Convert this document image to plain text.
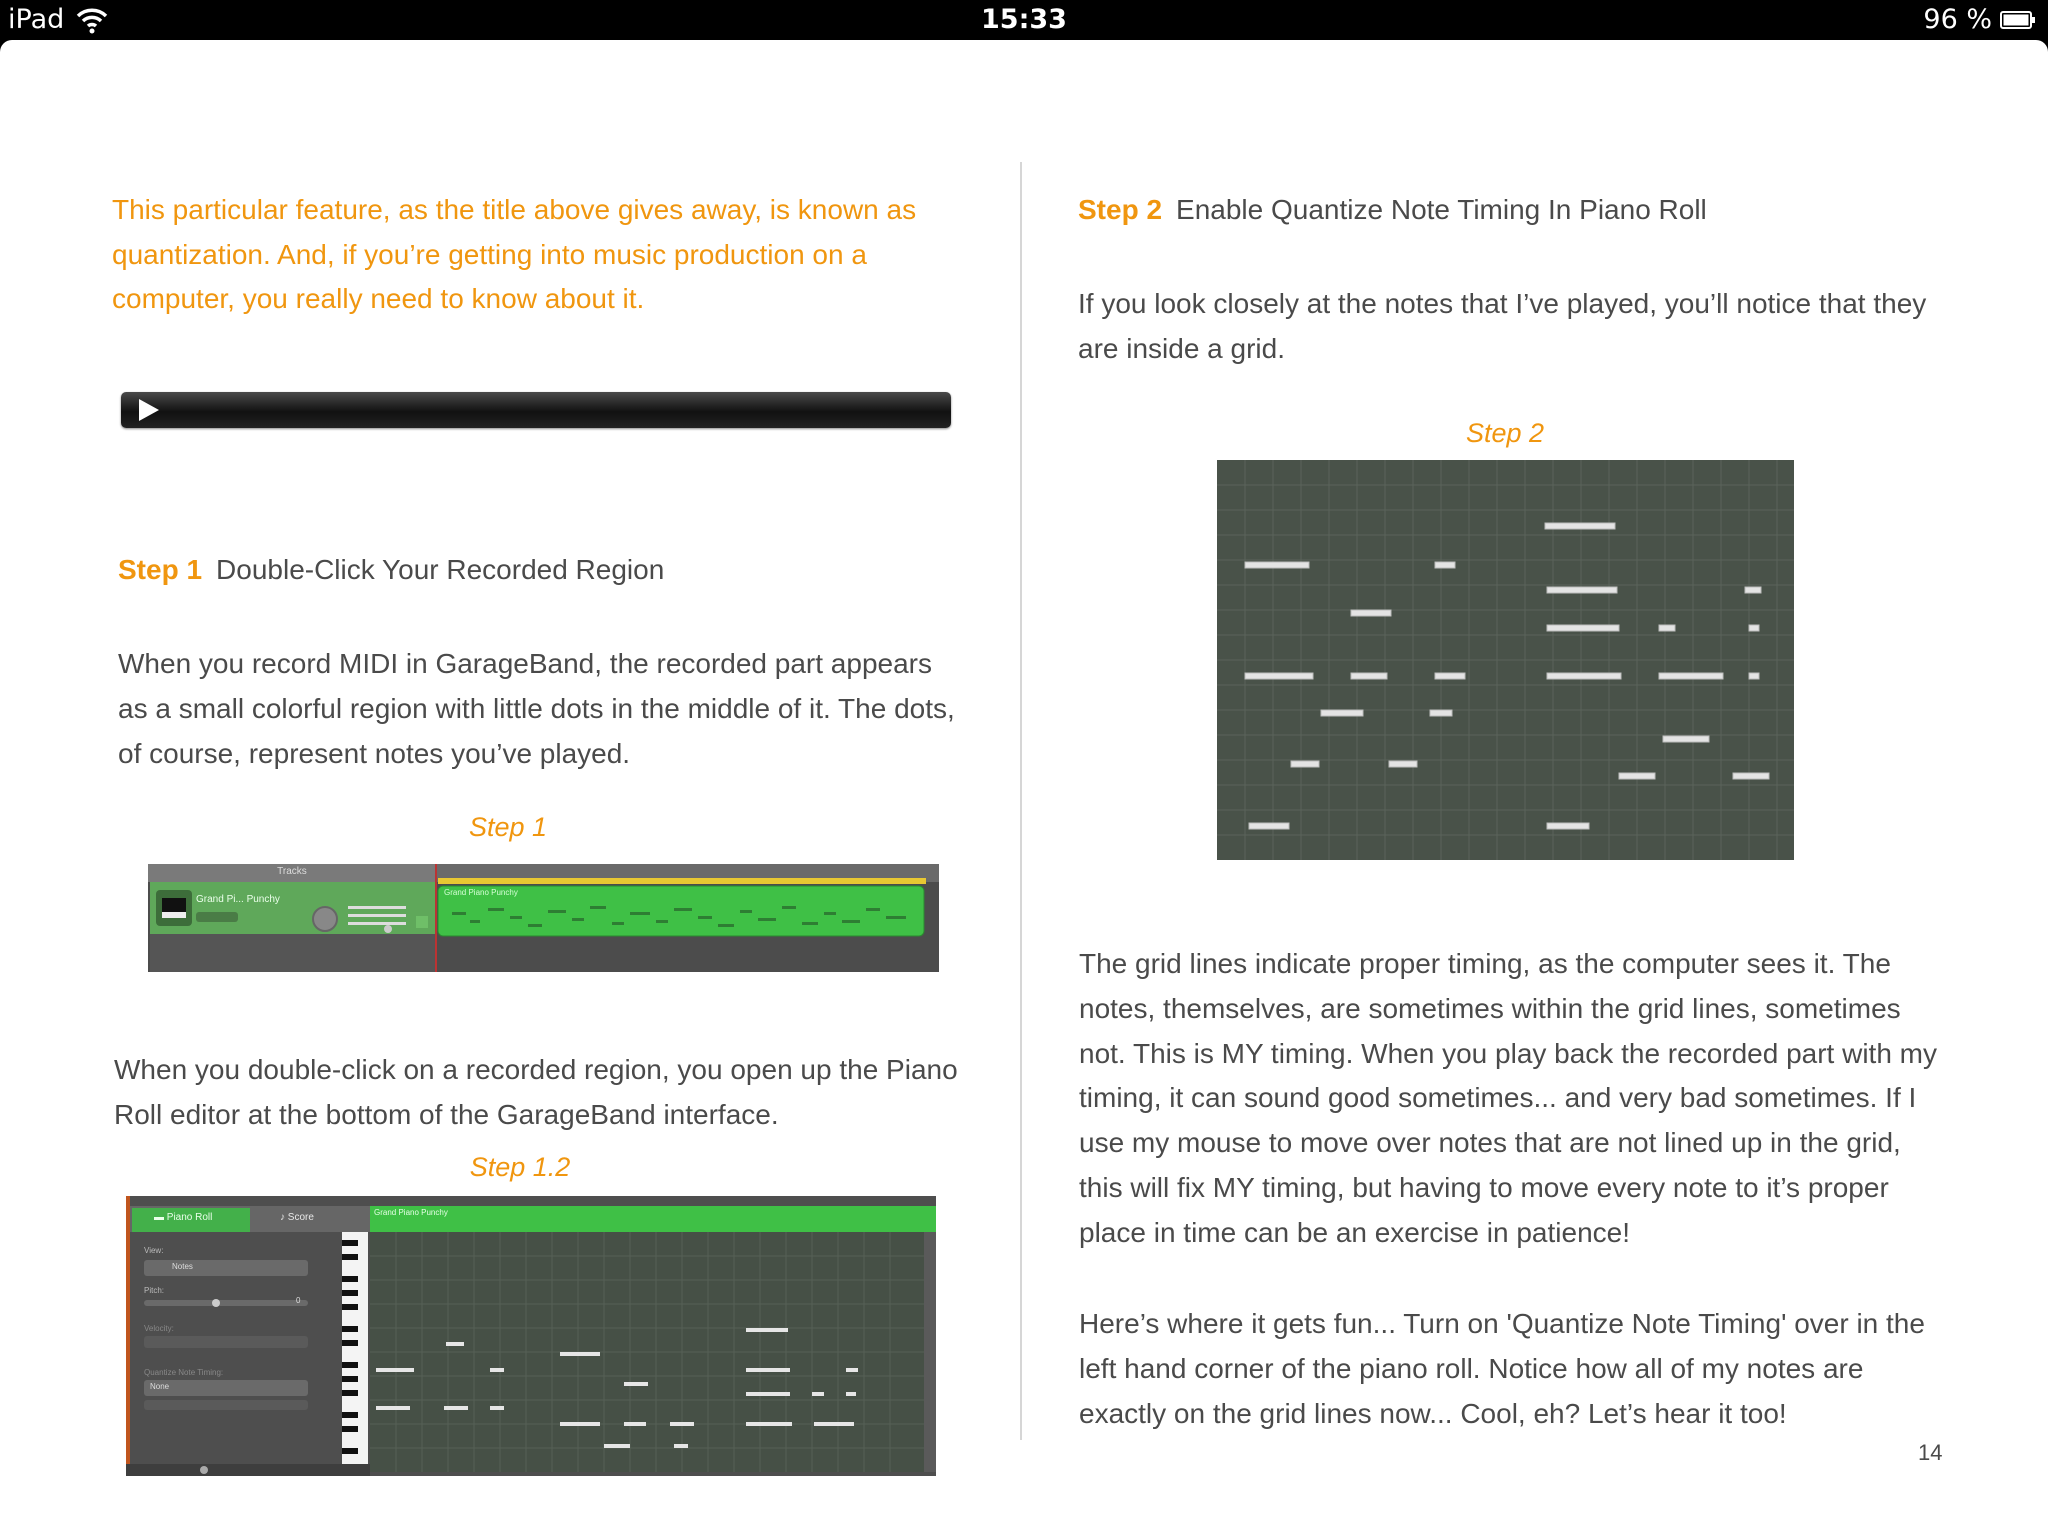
iPad	15:33	96 %
This particular feature, as the title above gives away, is known as quantization. And, if you’re getting into music production on a computer, you really need to know about it.
Step 1 Double-Click Your Recorded Region
When you record MIDI in GarageBand, the recorded part appears as a small colorful region with little dots in the middle of it. The dots, of course, represent notes you’ve played.
Step 1
Tracks
Grand Pi... Punchy
Grand Piano Punchy
When you double-click on a recorded region, you open up the Piano Roll editor at the bottom of the GarageBand interface.
Step 1.2
▬ Piano Roll	♪ Score	Grand Piano Punchy
View:
Notes
Pitch:
0
Velocity:
Quantize Note Timing:
None
Step 2 Enable Quantize Note Timing In Piano Roll
If you look closely at the notes that I’ve played, you’ll notice that they are inside a grid.
Step 2
The grid lines indicate proper timing, as the computer sees it. The notes, themselves, are sometimes within the grid lines, sometimes not. This is MY timing. When you play back the recorded part with my timing, it can sound good sometimes... and very bad sometimes. If I use my mouse to move over notes that are not lined up in the grid, this will fix MY timing, but having to move every note to it’s proper place in time can be an exercise in patience!
Here’s where it gets fun... Turn on 'Quantize Note Timing' over in the left hand corner of the piano roll. Notice how all of my notes are exactly on the grid lines now... Cool, eh? Let’s hear it too!
14
